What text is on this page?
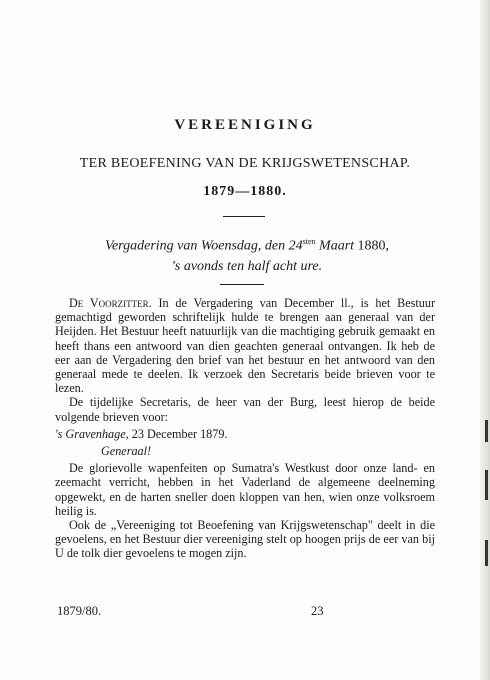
VEREENIGING
TER BEOEFENING VAN DE KRIJGSWETENSCHAP.
1879—1880.
Vergadering van Woensdag, den $24^{sten}$ Maart 1880,
's avonds ten half acht ure.

De Voorzitter. In de Vergadering van December ll., is het Bestuur gemachtigd geworden schriftelijk hulde te brengen aan generaal van der Heijden. Het Bestuur heeft natuurlijk van die machtiging gebruik gemaakt en heeft thans een antwoord van dien geachten generaal ontvangen. Ik heb de eer aan de Vergadering den brief van het bestuur en het antwoord van den generaal mede te deelen. Ik verzoek den Secretaris beide brieven voor te lezen.

De tijdelijke Secretaris, de heer van der Burg, leest hierop de beide volgende brieven voor:

's Gravenhage, 23 December 1879.

Generaal!

De glorievolle wapenfeiten op Sumatra's Westkust door onze land- en zeemacht verricht, hebben in het Vaderland de algemeene deelneming opgewekt, en de harten sneller doen kloppen van hen, wien onze volksroem heilig is.

Ook de „Vereeniging tot Beoefening van Krijgswetenschap" deelt in die gevoelens, en het Bestuur dier vereeniging stelt op hoogen prijs de eer van bij U de tolk dier gevoelens te mogen zijn.

1879/80.	23
